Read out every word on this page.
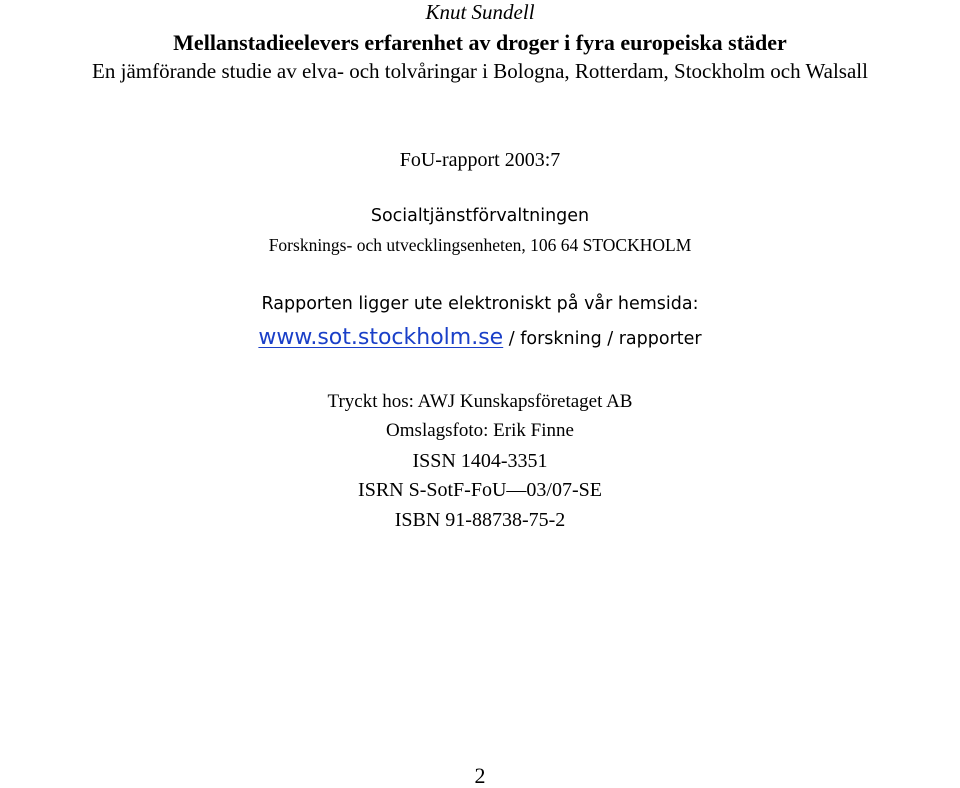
Knut Sundell
Mellanstadieelevers erfarenhet av droger i fyra europeiska städer
En jämförande studie av elva- och tolvåringar i Bologna, Rotterdam, Stockholm och Walsall
FoU-rapport 2003:7
Socialtjänstförvaltningen
Forsknings- och utvecklingsenheten, 106 64 STOCKHOLM
Rapporten ligger ute elektroniskt på vår hemsida:
www.sot.stockholm.se / forskning / rapporter
Tryckt hos: AWJ Kunskapsföretaget AB
Omslagsfoto: Erik Finne
ISSN 1404-3351
ISRN S-SotF-FoU—03/07-SE
ISBN 91-88738-75-2
2
